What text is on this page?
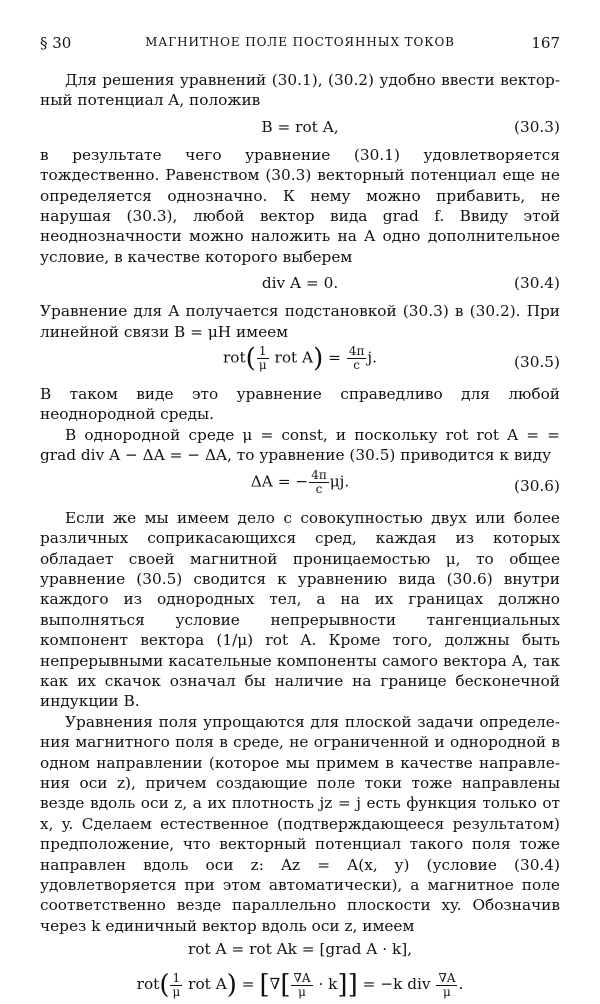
§ 30	МАГНИТНОЕ ПОЛЕ ПОСТОЯННЫХ ТОКОВ	167

Для решения уравнений (30.1), (30.2) удобно ввести векторный потенциал A, положив

B = rot A,	(30.3)

в результате чего уравнение (30.1) удовлетворяется тождественно. Равенством (30.3) векторный потенциал еще не определяется однозначно. К нему можно прибавить, не нарушая (30.3), любой вектор вида grad f. Ввиду этой неоднозначности можно наложить на A одно дополнительное условие, в качестве которого выберем

div A = 0.	(30.4)

Уравнение для A получается подстановкой (30.3) в (30.2). При линейной связи B = μH имеем

$rot( \frac{1}{\mu}$ rot $A) = \frac{4\pi}{c} j$.	(30.5)

В таком виде это уравнение справедливо для любой неоднородной среды.

В однородной среде μ = const, и поскольку rot rot A = = grad div A − ΔA = − ΔA, то уравнение (30.5) приводится к виду

ΔA = − $\frac{4\pi}{c} \mu j$.	(30.6)

Если же мы имеем дело с совокупностью двух или более различных соприкасающихся сред, каждая из которых обладает своей магнитной проницаемостью μ, то общее уравнение (30.5) сводится к уравнению вида (30.6) внутри каждого из однородных тел, а на их границах должно выполняться условие непрерывности тангенциальных компонент вектора (1/μ) rot A. Кроме того, должны быть непрерывными касательные компоненты самого вектора A, так как их скачок означал бы наличие на границе бесконечной индукции B.

Уравнения поля упрощаются для плоской задачи определения магнитного поля в среде, не ограниченной и однородной в одном направлении (которое мы примем в качестве направления оси z), причем создающие поле токи тоже направлены везде вдоль оси z, а их плотность jz = j есть функция только от x, y. Сделаем естественное (подтверждающееся результатом) предположение, что векторный потенциал такого поля тоже направлен вдоль оси z: Az = A(x, y) (условие (30.4) удовлетворяется при этом автоматически), а магнитное поле соответственно везде параллельно плоскости xy. Обозначив через k единичный вектор вдоль оси z, имеем

rot A = rot Ak = [grad A · k],
$rot( \frac{1}{\mu}$ rot A) = [∇[ $\frac{\nabla A}{\mu} \cdot k]] = -k$ div $\frac{\nabla A}{\mu}$ .
